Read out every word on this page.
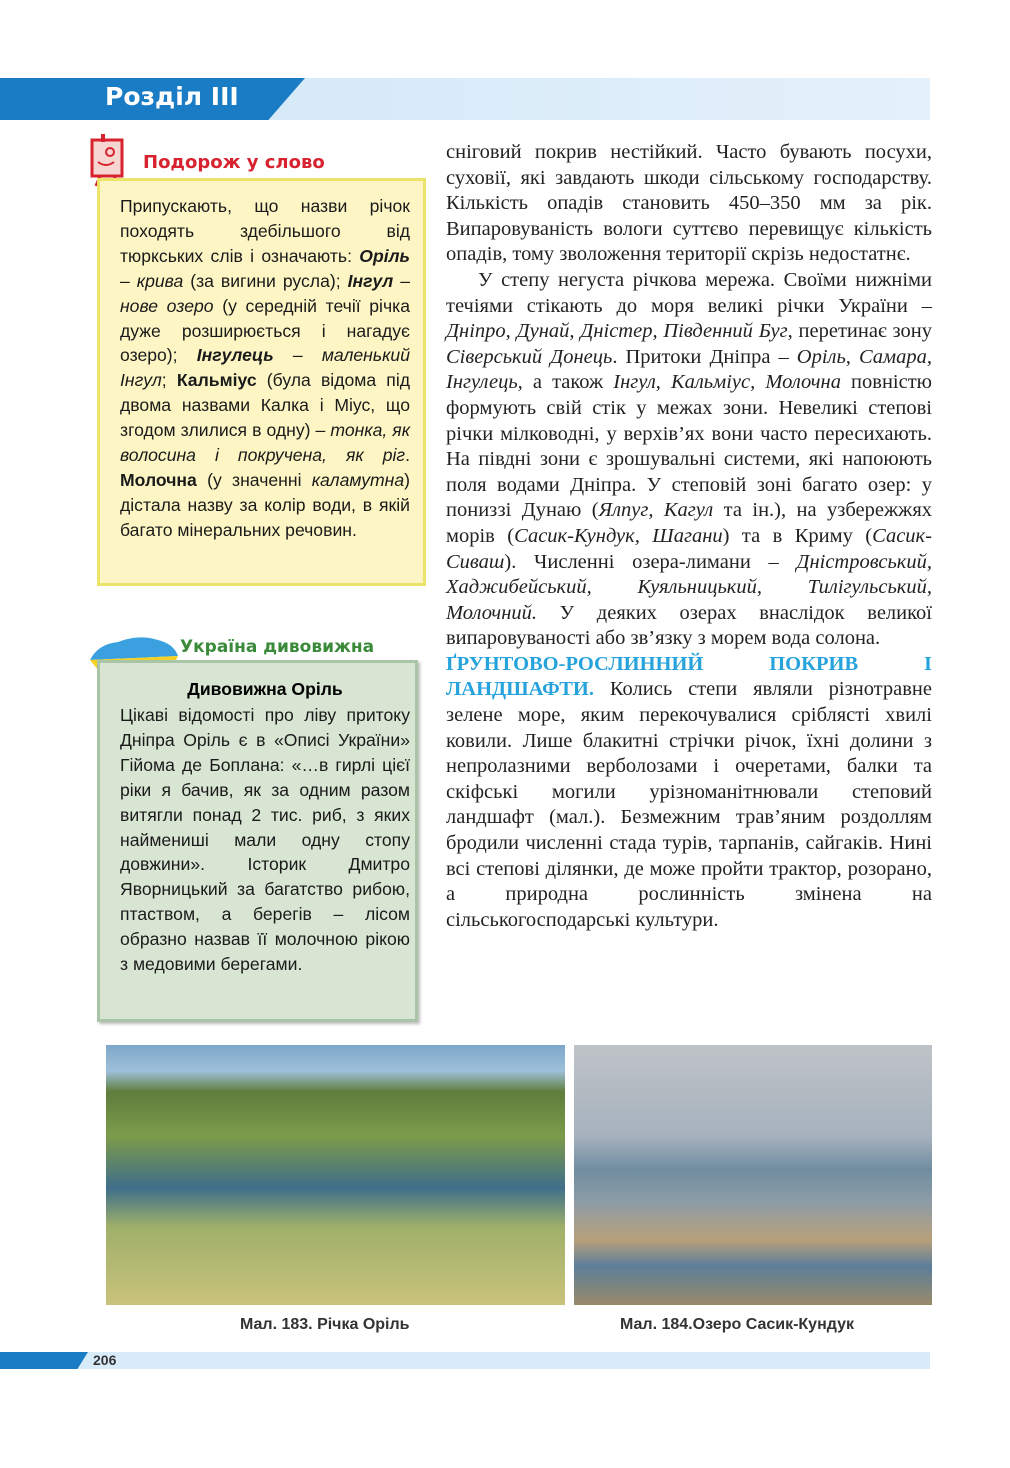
Розділ III
Подорож у слово
Припускають, що назви річок походять здебільшого від тюркських слів і означають: Оріль – крива (за вигини русла); Інгул – нове озеро (у середній течії річка дуже розширюється і нагадує озеро); Інгулець – маленький Інгул; Кальміус (була відома під двома назвами Калка і Міус, що згодом злилися в одну) – тонка, як волосина і покручена, як ріг. Молочна (у значенні каламутна) дістала назву за колір води, в якій багато мінеральних речовин.
Україна дивовижна
Дивовижна Оріль
Цікаві відомості про ліву притоку Дніпра Оріль є в «Описі України» Гійома де Боплана: «…в гирлі цієї ріки я бачив, як за одним разом витягли понад 2 тис. риб, з яких наймениші мали одну стопу довжини». Історик Дмитро Яворницький за багатство рибою, птаством, а берегів – лісом образно назвав її молочною рікою з медовими берегами.

сніговий покрив нестійкий. Часто бувають посухи, суховії, які завдають шкоди сільському господарству. Кількість опадів становить 450–350 мм за рік. Випаровуваність вологи суттєво перевищує кількість опадів, тому зволоження території скрізь недостатнє.

У степу негуста річкова мережа. Своїми нижніми течіями стікають до моря великі річки України – Дніпро, Дунай, Дністер, Південний Буг, перетинає зону Сіверський Донець. Притоки Дніпра – Оріль, Самара, Інгулець, а також Інгул, Кальміус, Молочна повністю формують свій стік у межах зони. Невеликі степові річки мілководні, у верхів’ях вони часто пересихають. На півдні зони є зрошувальні системи, які напоюють поля водами Дніпра. У степовій зоні багато озер: у пониззі Дунаю (Ялпуг, Кагул та ін.), на узбережжях морів (Сасик-Кундук, Шагани) та в Криму (Сасик-Сиваш). Численні озера-лимани – Дністровський, Хаджибейський, Куяльницький, Тилігульський, Молочний. У деяких озерах внаслідок великої випаровуваності або зв’язку з морем вода солона.

ҐРУНТОВО-РОСЛИННИЙ ПОКРИВ І ЛАНДШАФТИ. Колись степи являли різнотравне зелене море, яким перекочувалися сріблясті хвилі ковили. Лише блакитні стрічки річок, їхні долини з непролазними верболозами і очеретами, балки та скіфські могили урізноманітнювали степовий ландшафт (мал.). Безмежним трав’яним роздоллям бродили численні стада турів, тарпанів, сайгаків. Нині всі степові ділянки, де може пройти трактор, розорано, а природна рослинність змінена на сільськогосподарські культури.

Мал. 183. Річка Оріль	Мал. 184.Озеро Сасик-Кундук
206
